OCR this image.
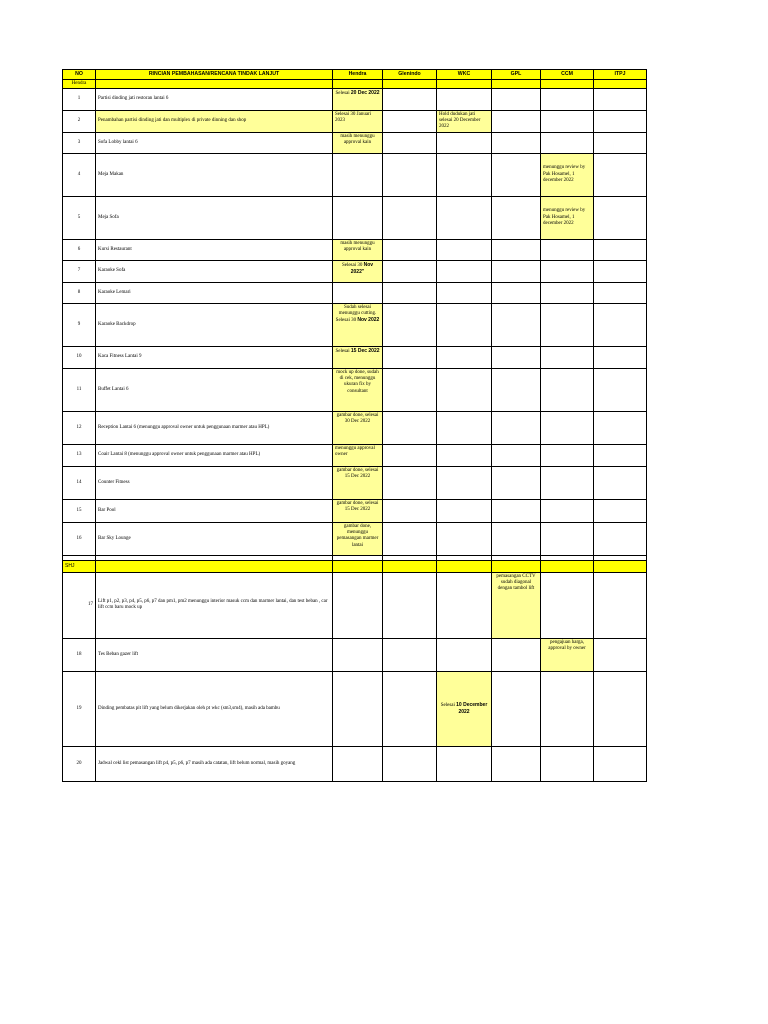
NO	RINCIAN PEMBAHASAN/RENCANA TINDAK LANJUT	Hendra	Glenindo	WKC	GPL	CCM	ITPJ
Hendra							
1	Partisi dinding jati restoran lantai 6	Selesai 20 Dec 2022					
2	Penambahan partisi dinding jati dan multiplex di private dinning dan shop	Selesai 30 Januari 2023		Hold dudukan jati selesai 20 December 2022			
3	Sofa Lobby lantai 6	masih menunggu approval kain					
4	Meja Makan					menunggu review by Pak Hosamel, 1 december 2022	
5	Meja Sofa					menunggu review by Pak Hosamel, 1 december 2022	
6	Kursi Restaurant	masih menunggu approval kain					
7	Karaoke Sofa	Selesai 30 Nov 2022"					
8	Karaoke Lemari						
9	Karaoke Backdrop	Sudah selesai menunggu cutting. Selesai 30 Nov 2022					
10	Kaca Fitness Lantai 9	Selesai 15 Dec 2022					
11	Buffet Lantai 6	mock up done, sudah di cek, menunggu ukuran fix by consultant					
12	Reception Lantai 6 (menunggu approval owner untuk penggunaan marmer atau HPL)	gambar done, selesai 30 Dec 2022					
13	Coair Lantai 8 (menunggu approval owner untuk penggunaan marmer atau HPL)	menunggu approval owner					
14	Counter Fitness	gambar done, selesai 15 Dec 2022					
15	Bar Pool	gambar done, selesai 15 Dec 2022					
16	Bar Sky Lounge	gambar done, menunggu pemasangan marmer lantai					

SHJ							
17	Lift p1, p2, p3, p4, p5, p6, p7 dan pm1, pm2 menunggu interior masuk ccm dan marmer lantai, dan test beban , car lift ccm baru mock up				pemasangan CCTV sudah diagonal dengan tambol lift		
18	Tes Beban gazer lift					pengajuan harga, approval by owner	
19	Dinding pembatas pit lift yang belum dikerjakan oleh pt wkc (sm3,sm4), masih ada bambu			Selesai 10 December 2022			
20	Jadwal cekl list pemasangan lift p4, p5, p6, p7 masih ada catatan, lift belum normal, masih goyang						
